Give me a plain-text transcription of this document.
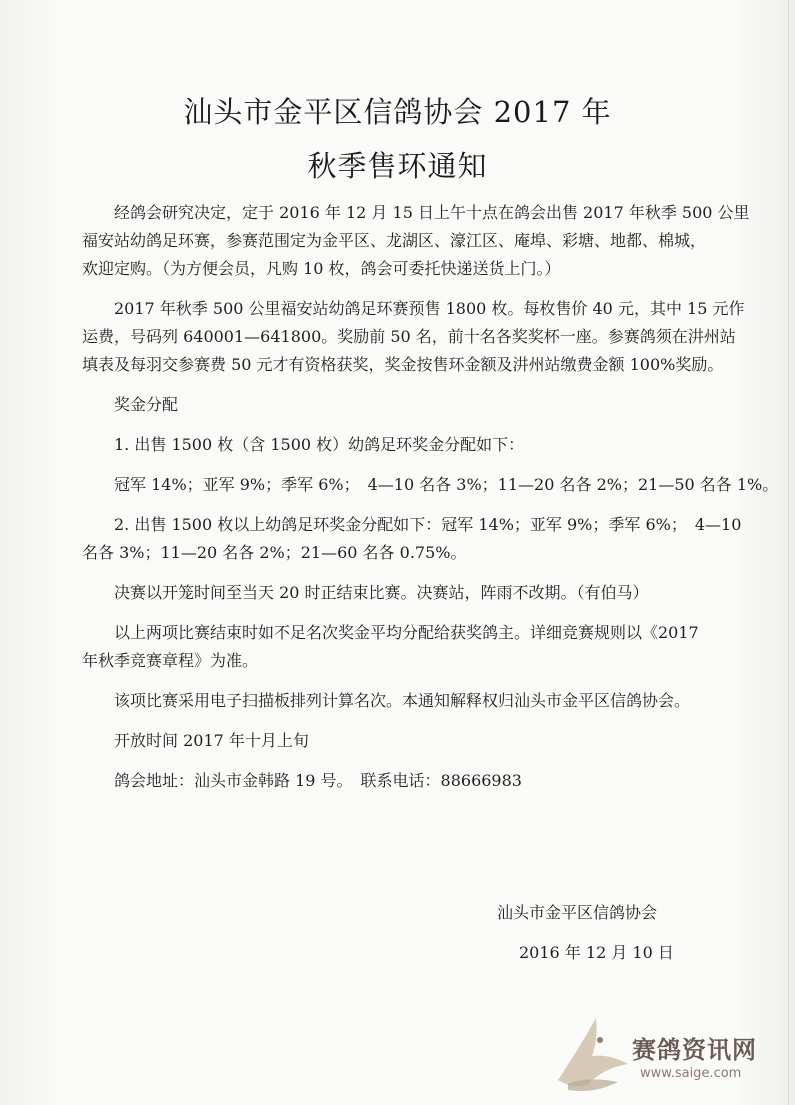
汕头市金平区信鸽协会 2017 年
秋季售环通知
　　经鸽会研究决定，定于 2016 年 12 月 15 日上午十点在鸽会出售 2017 年秋季 500 公里
福安站幼鸽足环赛，参赛范围定为金平区、龙湖区、濠江区、庵埠、彩塘、地都、棉城，
欢迎定购。（为方便会员，凡购 10 枚，鸽会可委托快递送货上门。）
　　2017 年秋季 500 公里福安站幼鸽足环赛预售 1800 枚。每枚售价 40 元，其中 15 元作
运费，号码列 640001—641800。奖励前 50 名，前十名各奖奖杯一座。参赛鸽须在汫州站
填表及每羽交参赛费 50 元才有资格获奖，奖金按售环金额及汫州站缴费金额 100%奖励。
　　奖金分配
　　1. 出售 1500 枚（含 1500 枚）幼鸽足环奖金分配如下：
　　冠军 14%；亚军 9%；季军 6%；　4—10 名各 3%；11—20 名各 2%；21—50 名各 1%。
　　2. 出售 1500 枚以上幼鸽足环奖金分配如下：冠军 14%；亚军 9%；季军 6%；　4—10
名各 3%；11—20 名各 2%；21—60 名各 0.75%。
　　决赛以开笼时间至当天 20 时正结束比赛。决赛站，阵雨不改期。（有伯马）
　　以上两项比赛结束时如不足名次奖金平均分配给获奖鸽主。详细竞赛规则以《2017
年秋季竞赛章程》为准。
　　该项比赛采用电子扫描板排列计算名次。本通知解释权归汕头市金平区信鸽协会。
　　开放时间 2017 年十月上旬
　　鸽会地址：汕头市金韩路 19 号。　联系电话：88666983
汕头市金平区信鸽协会
2016 年 12 月 10 日
赛鸽资讯网
www.saige.com
